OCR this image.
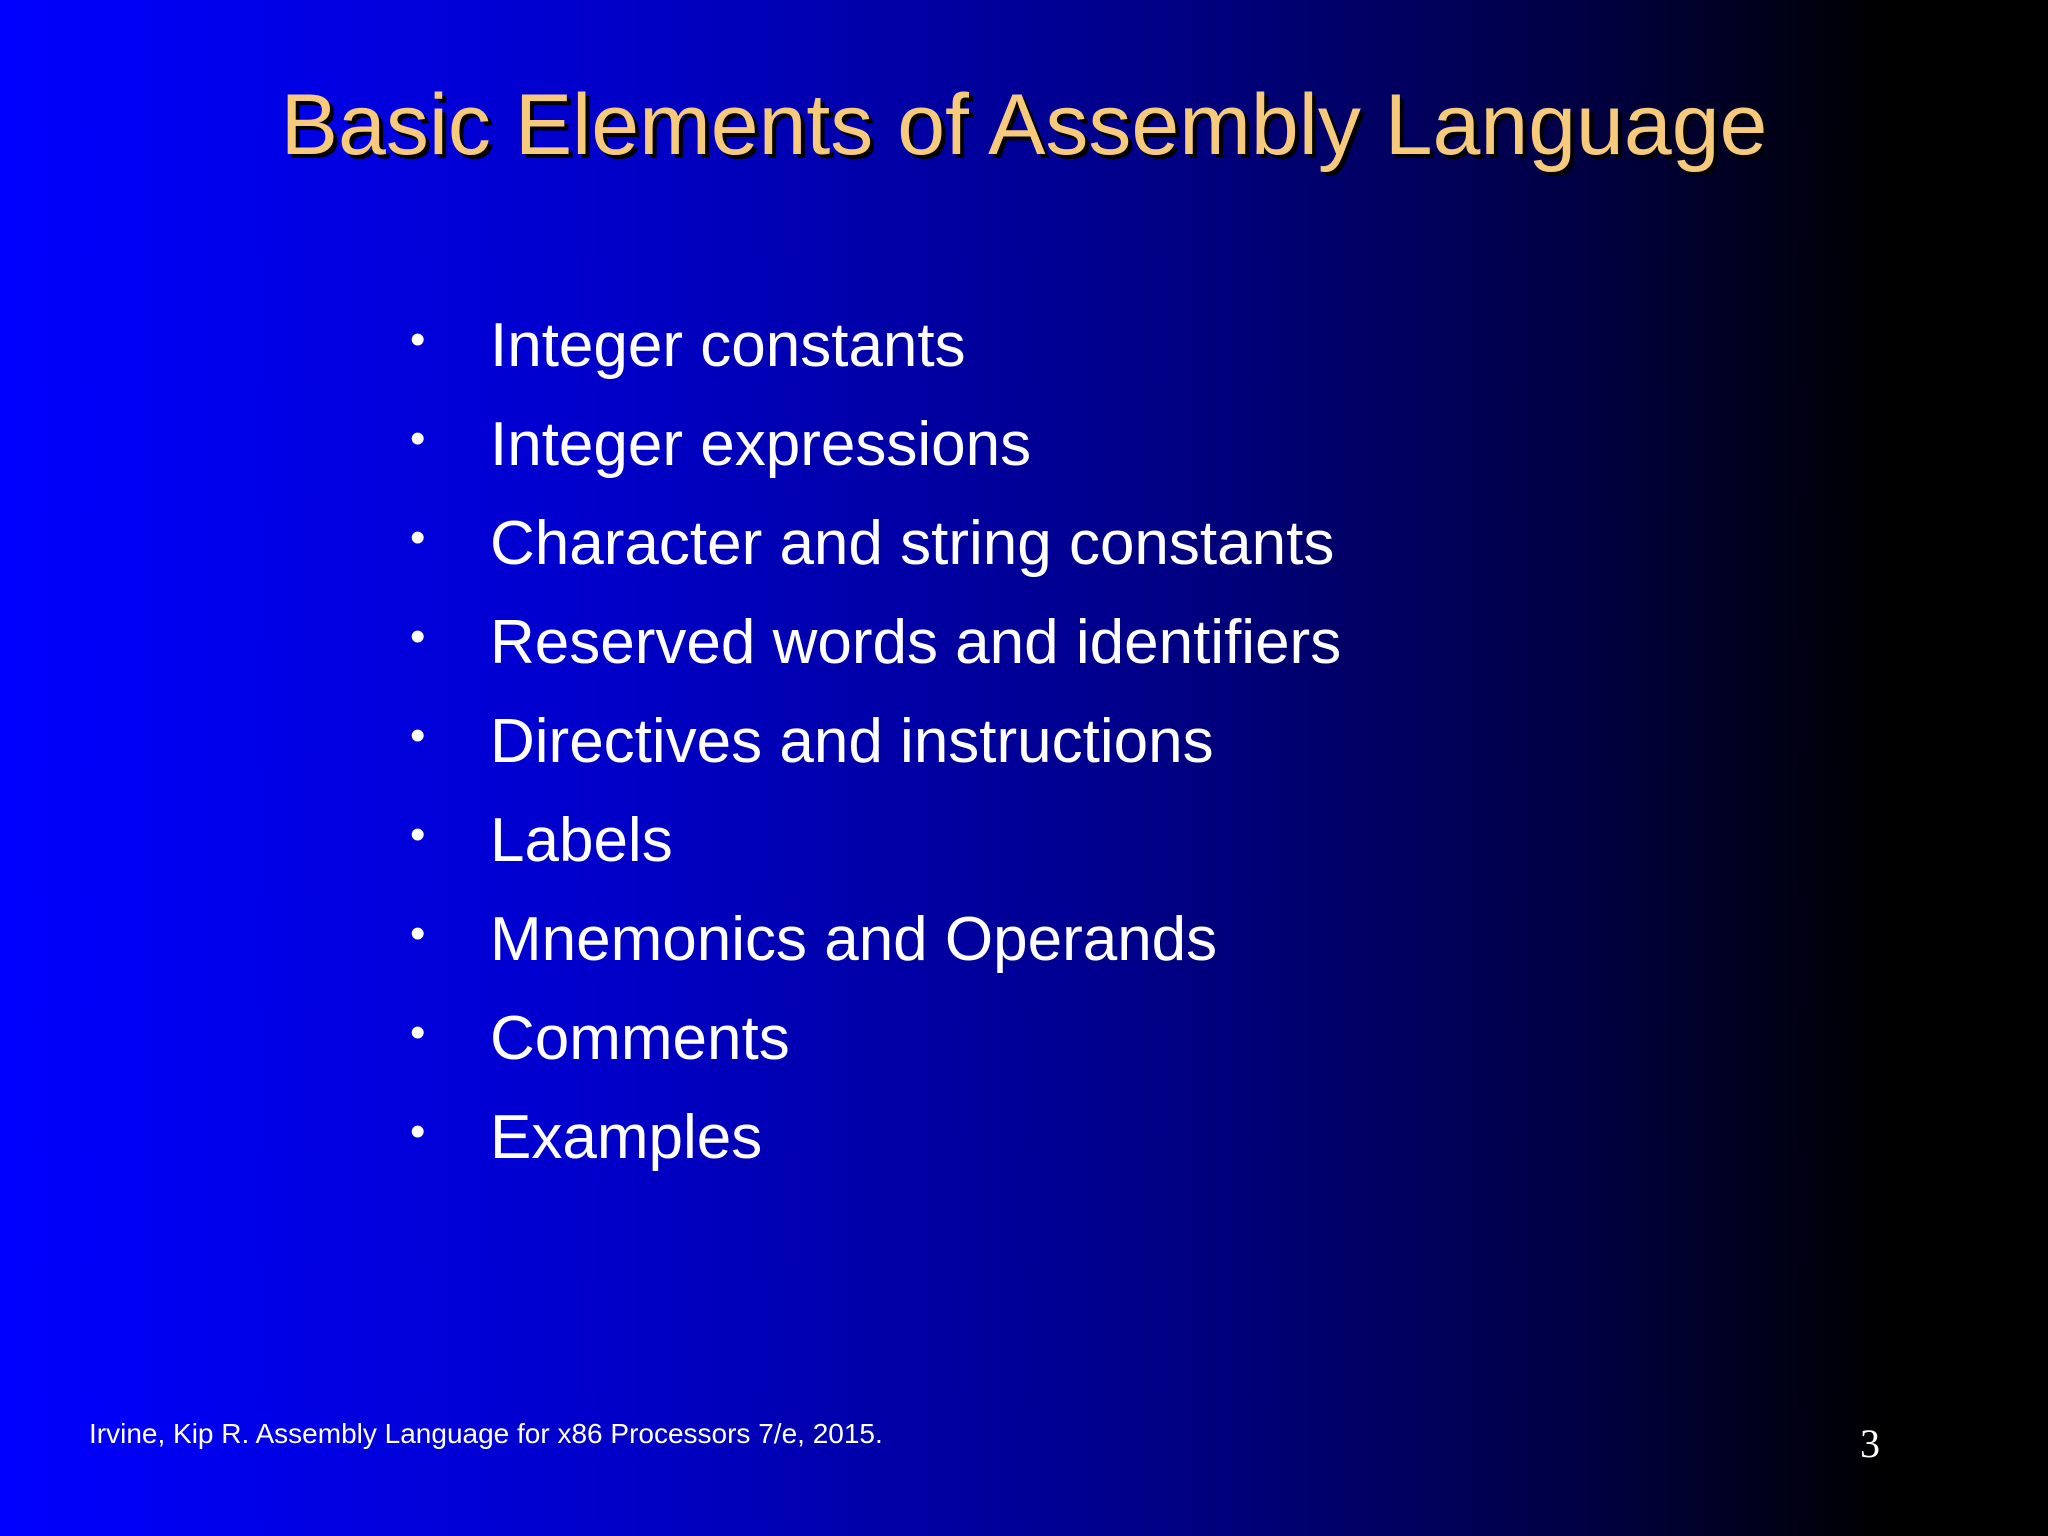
Basic Elements of Assembly Language
•	Integer constants
•	Integer expressions
•	Character and string constants
•	Reserved words and identifiers
•	Directives and instructions
•	Labels
•	Mnemonics and Operands
•	Comments
•	Examples
Irvine, Kip R. Assembly Language for x86 Processors 7/e, 2015.	3
